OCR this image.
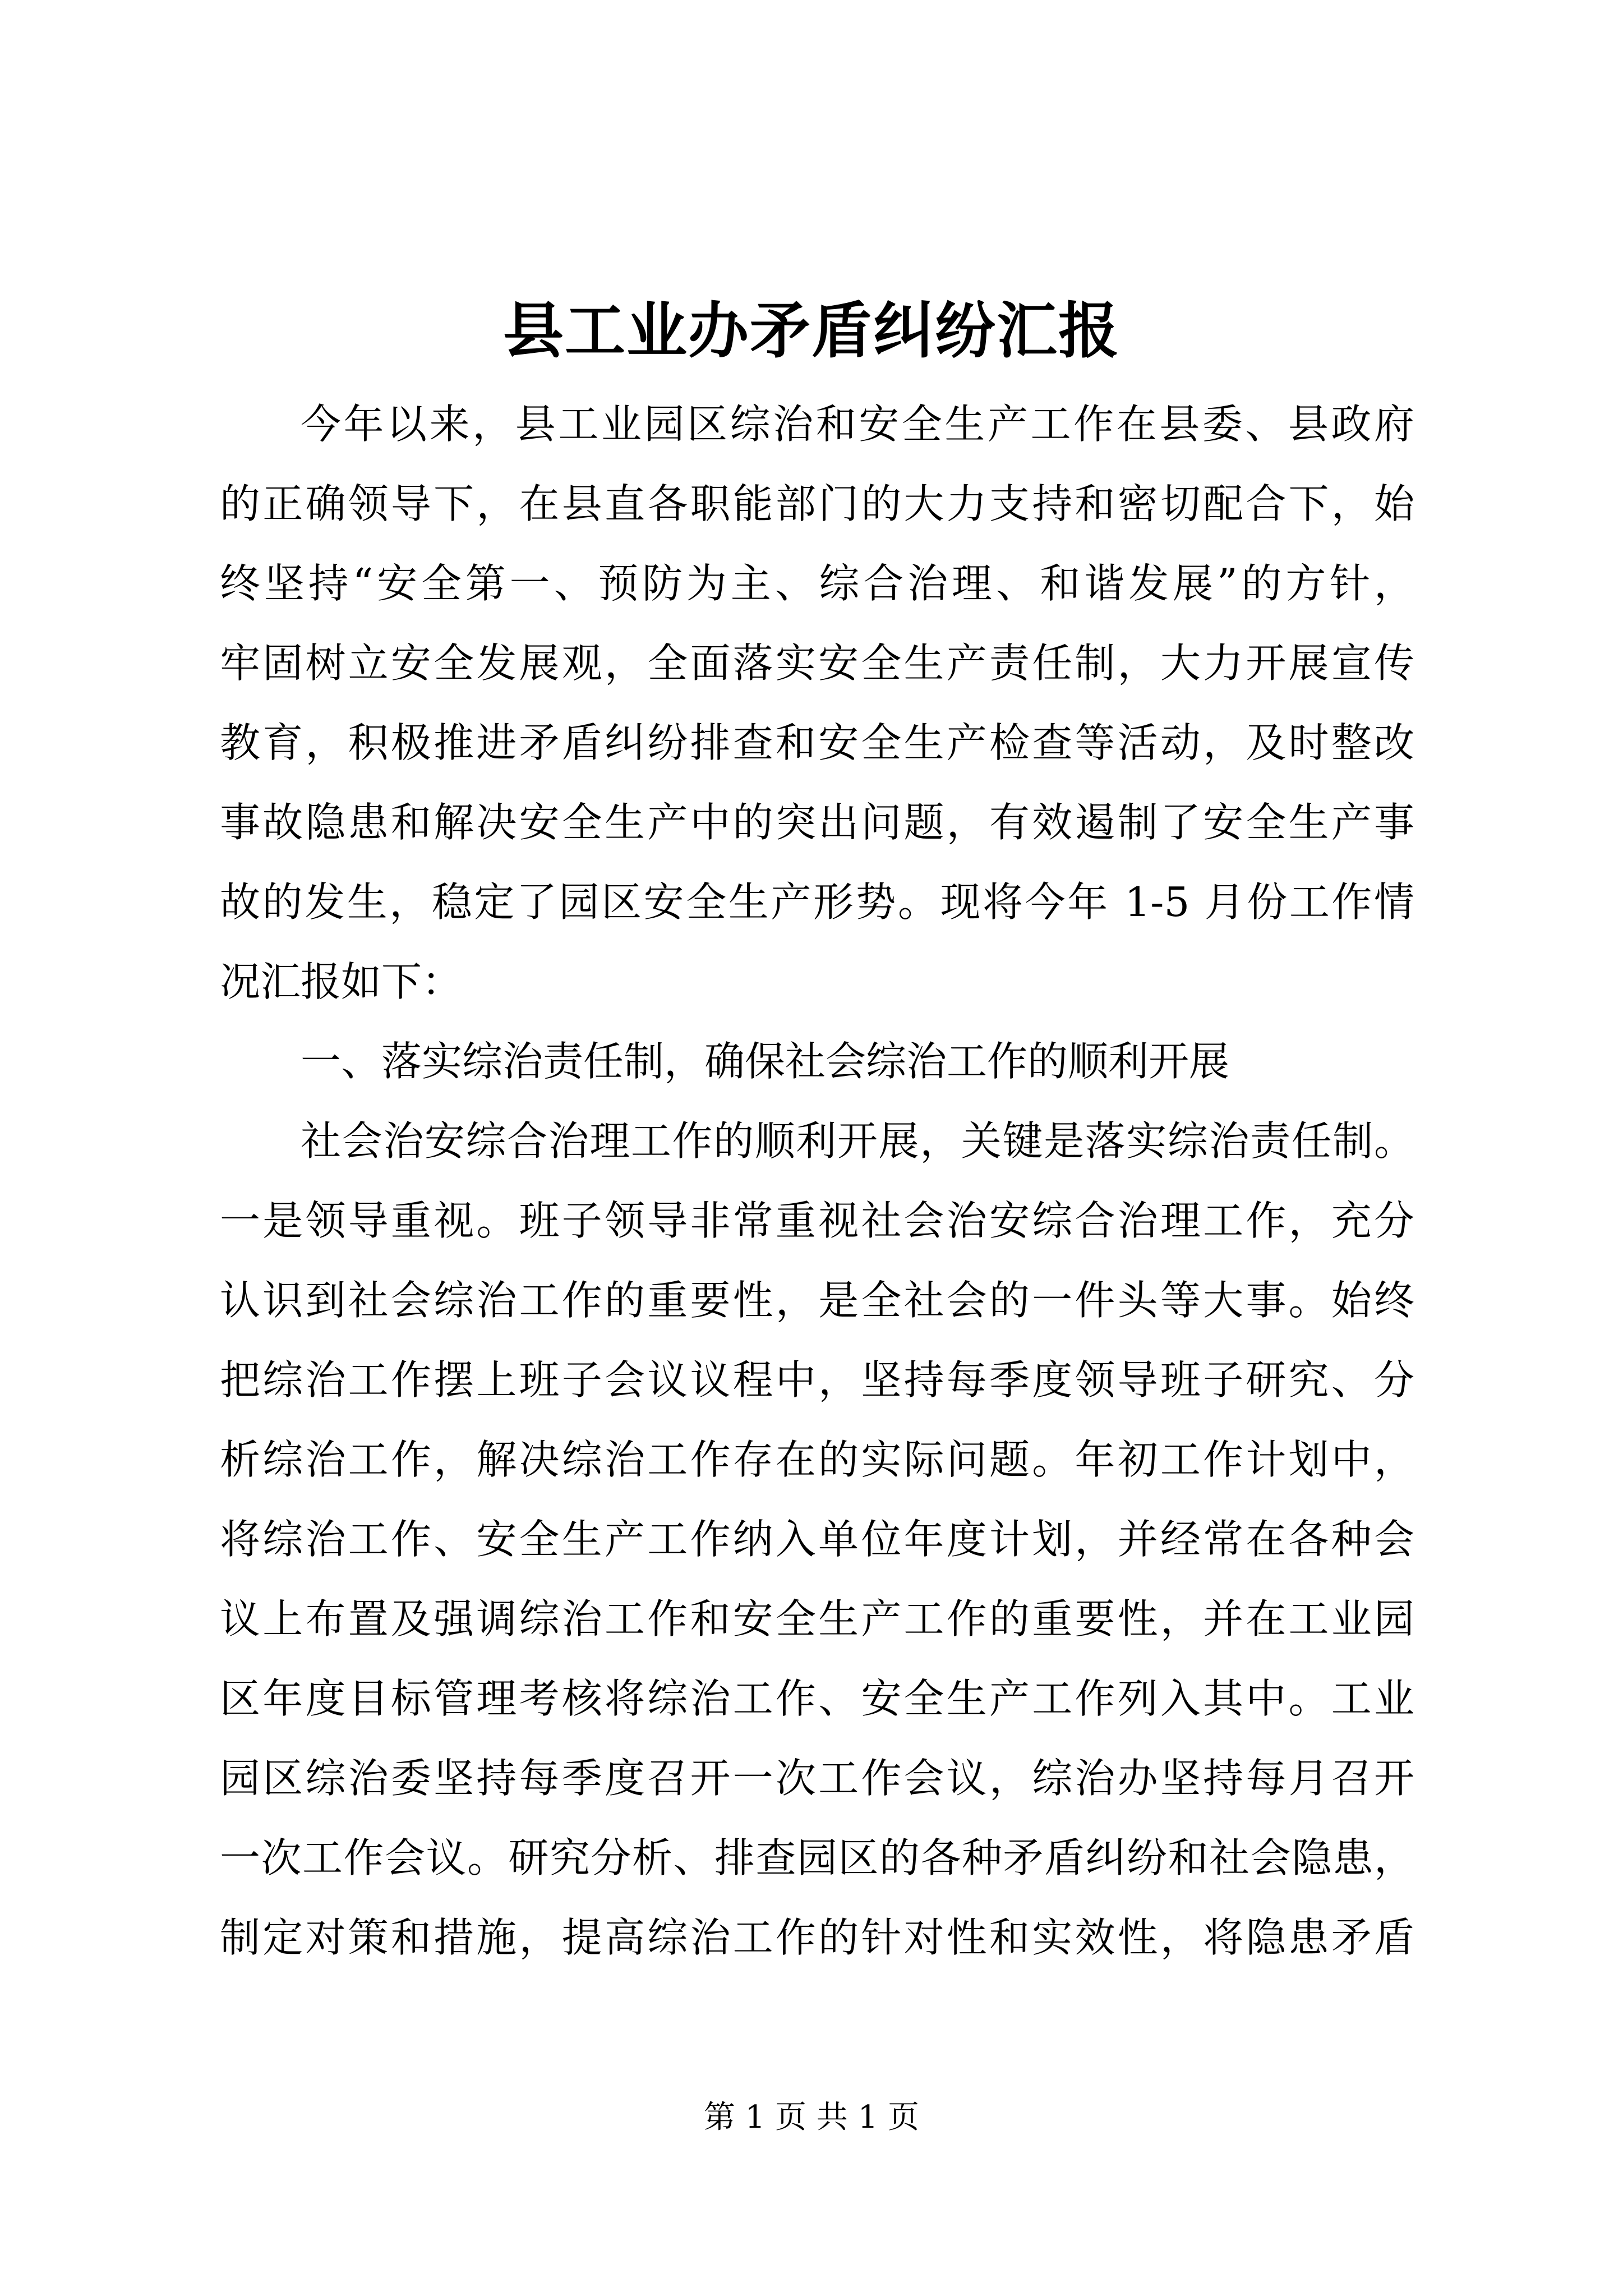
县工业办矛盾纠纷汇报
今年以来，县工业园区综治和安全生产工作在县委、县政府
的正确领导下，在县直各职能部门的大力支持和密切配合下，始
终坚持“安全第一、预防为主、综合治理、和谐发展”的方针，
牢固树立安全发展观，全面落实安全生产责任制，大力开展宣传
教育，积极推进矛盾纠纷排查和安全生产检查等活动，及时整改
事故隐患和解决安全生产中的突出问题，有效遏制了安全生产事
故的发生，稳定了园区安全生产形势。现将今年 1-5 月份工作情
况汇报如下：
一、落实综治责任制，确保社会综治工作的顺利开展
社会治安综合治理工作的顺利开展，关键是落实综治责任制。
一是领导重视。班子领导非常重视社会治安综合治理工作，充分
认识到社会综治工作的重要性，是全社会的一件头等大事。始终
把综治工作摆上班子会议议程中，坚持每季度领导班子研究、分
析综治工作，解决综治工作存在的实际问题。年初工作计划中，
将综治工作、安全生产工作纳入单位年度计划，并经常在各种会
议上布置及强调综治工作和安全生产工作的重要性，并在工业园
区年度目标管理考核将综治工作、安全生产工作列入其中。工业
园区综治委坚持每季度召开一次工作会议，综治办坚持每月召开
一次工作会议。研究分析、排查园区的各种矛盾纠纷和社会隐患，
制定对策和措施，提高综治工作的针对性和实效性，将隐患矛盾
第 1 页 共 1 页
